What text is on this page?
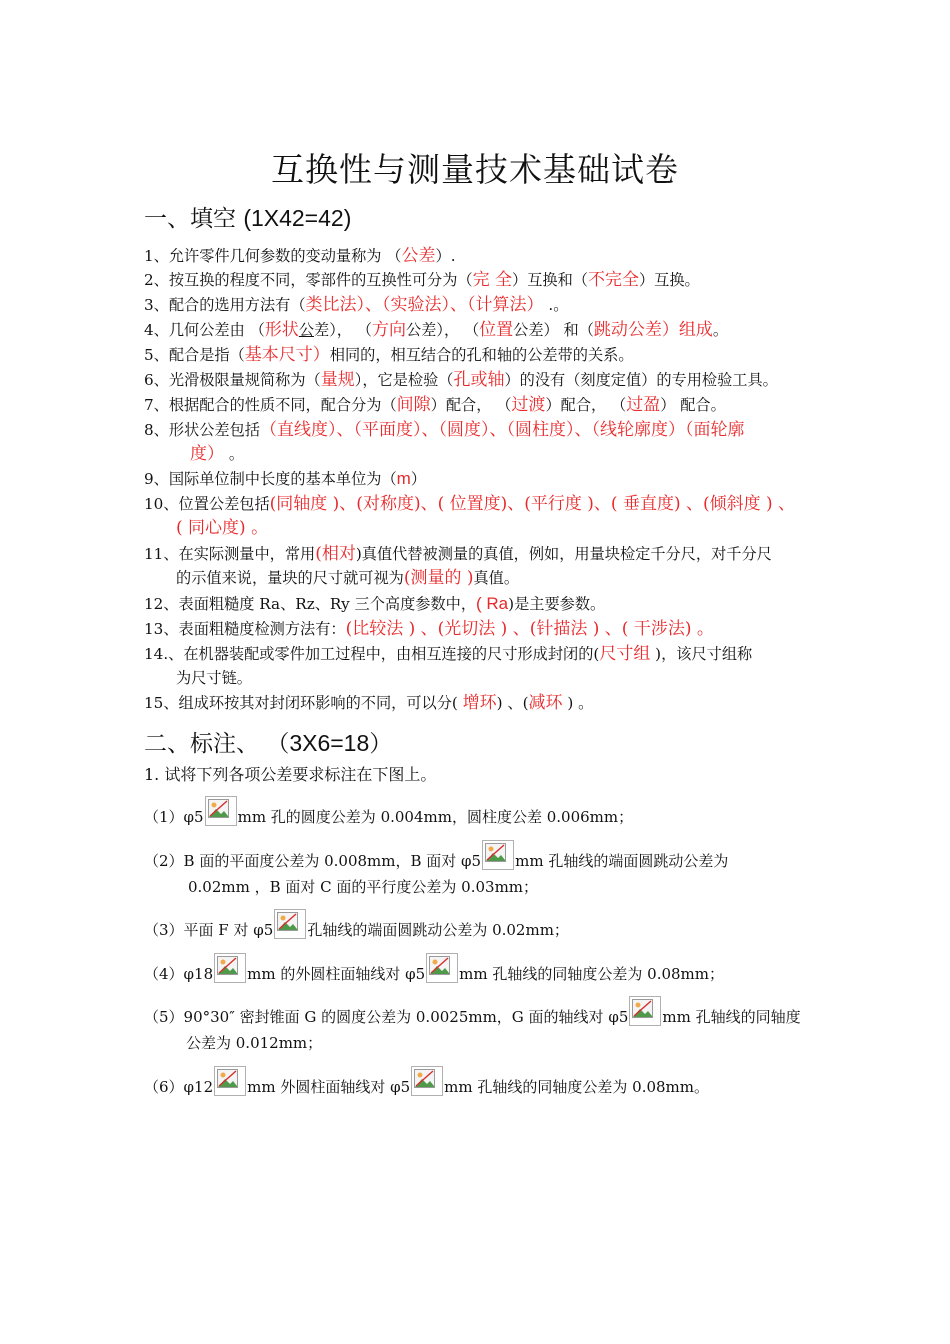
互换性与测量技术基础试卷
一、填空 (1X42=42)
1、允许零件几何参数的变动量称为 （公差）.
2、按互换的程度不同，零部件的互换性可分为（完 全）互换和（不完全）互换。
3、配合的选用方法有（类比法）、（实验法）、（计算法） .。
4、几何公差由 （形状公差）， （方向公差）， （位置公差） 和（跳动公差）组成。
5、配合是指（基本尺寸）相同的，相互结合的孔和轴的公差带的关系。
6、光滑极限量规简称为（量规），它是检验（孔或轴）的没有（刻度定值）的专用检验工具。
7、根据配合的性质不同，配合分为（间隙）配合， （过渡）配合， （过盈） 配合。
8、形状公差包括（直线度）、（平面度）、（圆度）、（圆柱度）、（线轮廓度）（面轮廓
度） 。
9、国际单位制中长度的基本单位为（m）
10、位置公差包括(同轴度 )、(对称度)、( 位置度)、(平行度 )、( 垂直度) 、(倾斜度 ) 、
( 同心度) 。
11、在实际测量中，常用(相对)真值代替被测量的真值，例如，用量块检定千分尺，对千分尺
的示值来说，量块的尺寸就可视为(测量的 )真值。
12、表面粗糙度 Ra、Rz、Ry 三个高度参数中，( Ra)是主要参数。
13、表面粗糙度检测方法有：(比较法 ) 、(光切法 ) 、(针描法 ) 、( 干涉法) 。
14.、在机器装配或零件加工过程中，由相互连接的尺寸形成封闭的(尺寸组 )，该尺寸组称
为尺寸链。
15、组成环按其对封闭环影响的不同，可以分( 增环) 、(减环 ) 。
二、标注、 （3X6=18）
1. 试将下列各项公差要求标注在下图上。
（1）φ5 mm 孔的圆度公差为 0.004mm，圆柱度公差 0.006mm；
（2）B 面的平面度公差为 0.008mm，B 面对 φ5 mm 孔轴线的端面圆跳动公差为
0.02mm ，B 面对 C 面的平行度公差为 0.03mm；
（3）平面 F 对 φ5 孔轴线的端面圆跳动公差为 0.02mm；
（4）φ18 mm 的外圆柱面轴线对 φ5 mm 孔轴线的同轴度公差为 0.08mm；
（5）90°30″ 密封锥面 G 的圆度公差为 0.0025mm，G 面的轴线对 φ5 mm 孔轴线的同轴度
公差为 0.012mm；
（6）φ12 mm 外圆柱面轴线对 φ5 mm 孔轴线的同轴度公差为 0.08mm。
